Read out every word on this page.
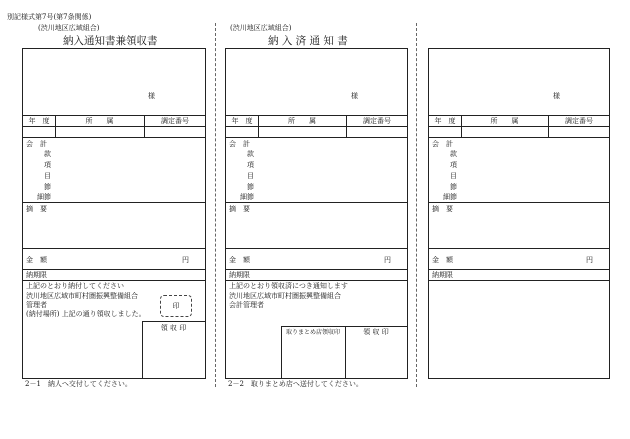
別記様式第7号(第7条関係)
(渋川地区広域組合)
納入通知書兼領収書
様
年　度	所　　属	調定番号
会　計
款
項
目
節
細節
摘　要
金　額	円
納期限
上記のとおり納付してください
渋川地区広域市町村圏振興整備組合
管理者
(納付場所) 上記の通り領収しました。
領 収 印
印
2－1　納人へ交付してください。
(渋川地区広域組合)
納 入 済 通 知 書
様
年　度	所　　属	調定番号
会　計
款
項
目
節
細節
摘　要
金　額	円
納期限
上記のとおり領収済につき通知します
渋川地区広域市町村圏振興整備組合
会計管理者
取りまとめ店領収印	領 収 印
2－2　取りまとめ店へ送付してください。
様
年　度	所　　属	調定番号
会　計
款
項
目
節
細節
摘　要
金　額	円
納期限
